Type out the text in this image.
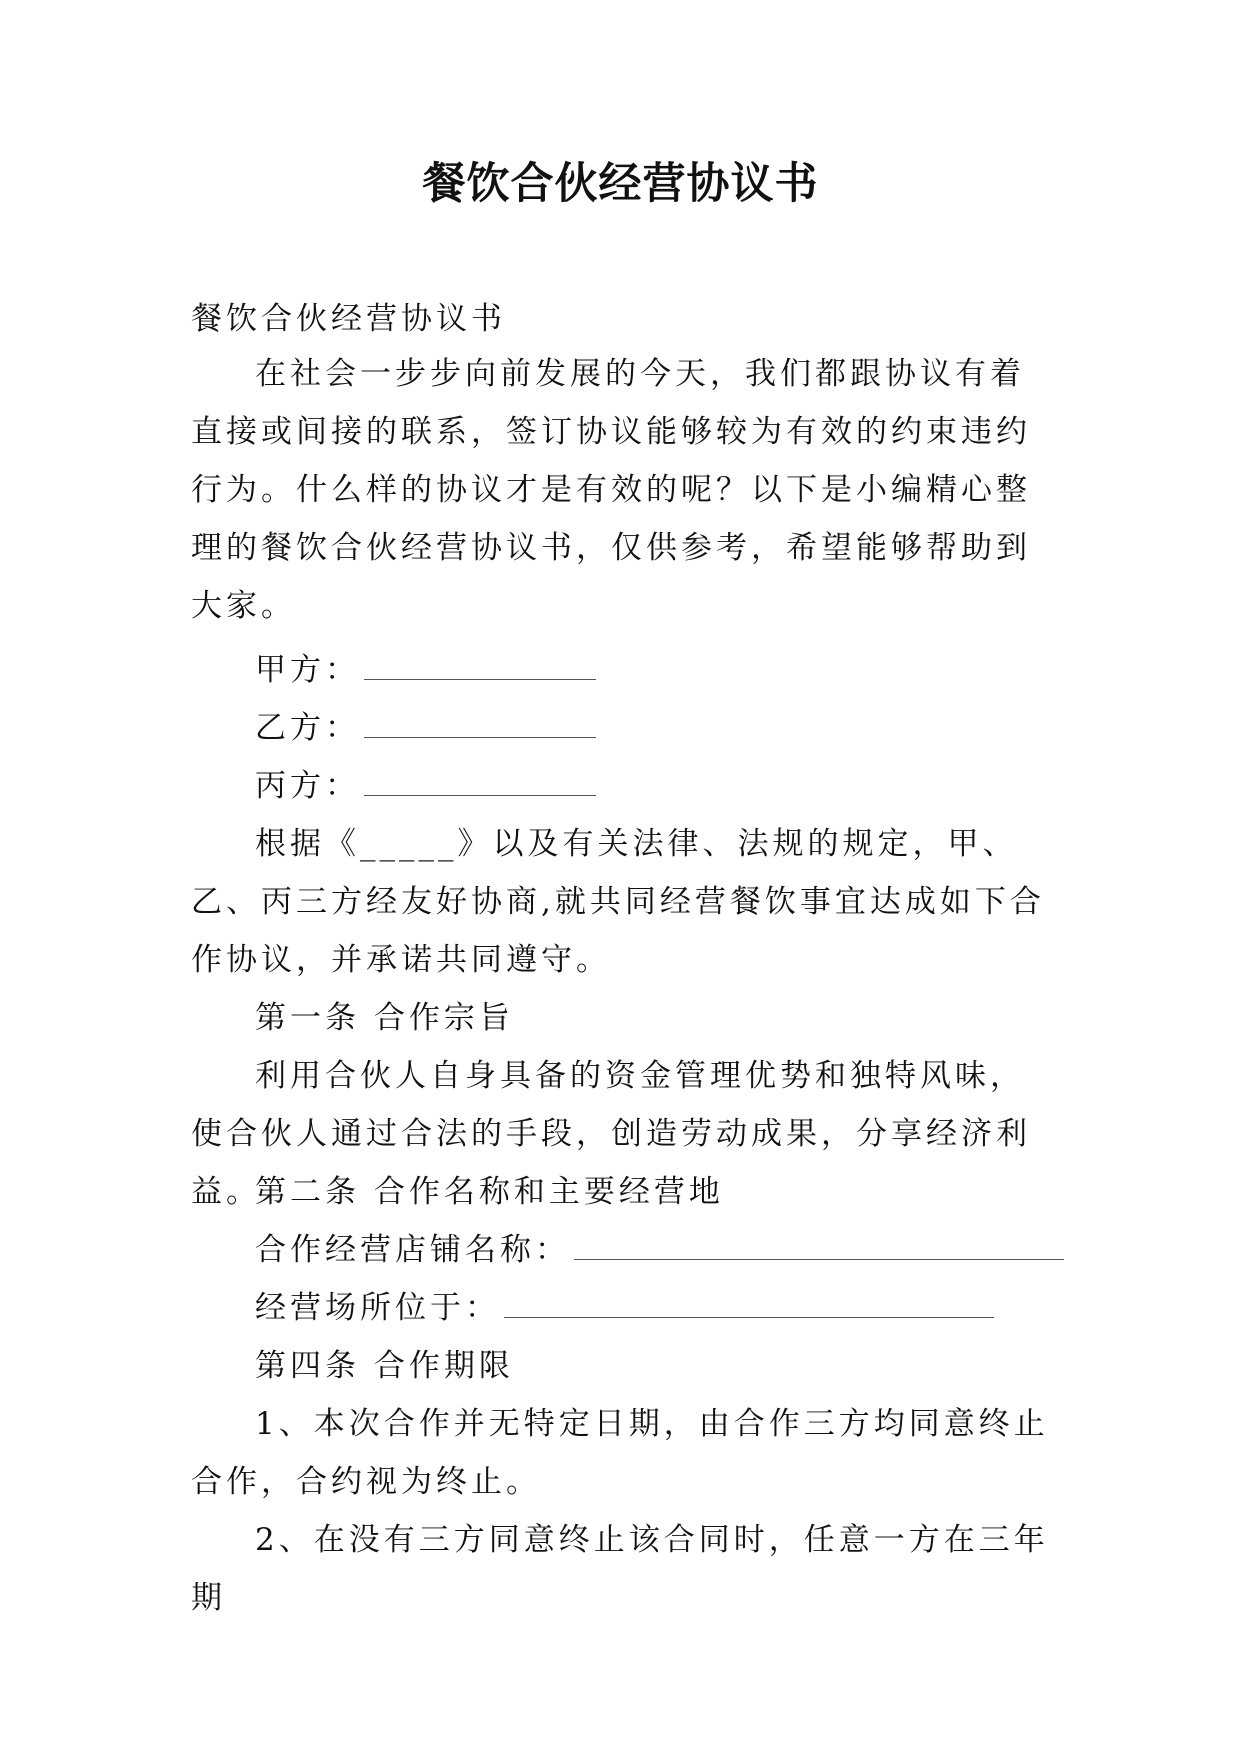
餐饮合伙经营协议书
餐饮合伙经营协议书
在社会一步步向前发展的今天，我们都跟协议有着直接或间接的联系，签订协议能够较为有效的约束违约行为。什么样的协议才是有效的呢？以下是小编精心整理的餐饮合伙经营协议书，仅供参考，希望能够帮助到大家。
甲方：
乙方：
丙方：
根据《_____》以及有关法律、法规的规定，甲、乙、丙三方经友好协商,就共同经营餐饮事宜达成如下合作协议，并承诺共同遵守。
第一条 合作宗旨
利用合伙人自身具备的资金管理优势和独特风味，使合伙人通过合法的手段，创造劳动成果，分享经济利益。
第二条 合作名称和主要经营地
合作经营店铺名称：
经营场所位于：
第四条 合作期限
1、本次合作并无特定日期，由合作三方均同意终止合作，合约视为终止。
2、在没有三方同意终止该合同时，任意一方在三年期
